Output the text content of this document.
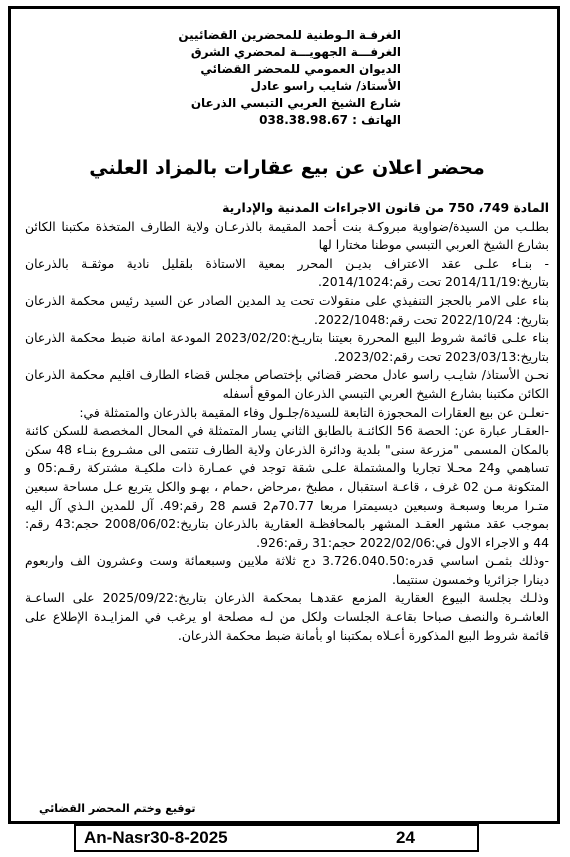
الغرفـة الـوطنية للمحضرين القضائيين
الغرفـــة الجهويـــة لمحضري الشرق
الديوان العمومي للمحضر القضائي
الأستاذ/ شايب راسو عادل
شارع الشيخ العربي التبسي الذرعان
الهاتف : 038.38.98.67
محضر اعلان عن بيع عقارات بالمزاد العلني

المادة 749، 750 من قانون الاجراءات المدنية والإدارية

بطلـب من السيدة/ضواوية مبروكـة بنت أحمد المقيمة بالذرعـان ولاية الطارف المتخذة مكتبنا الكائن بشارع الشيخ العربي التبسي موطنا مختارا لها

- بنـاء علـى عقد الاعتراف بديـن المحرر بمعية الاستاذة بلقليل نادية موثقـة بالذرعان بتاريخ:2014/11/19 تحت رقم:2014/1024.

بناء على الامر بالحجز التنفيذي على منقولات تحت يد المدين الصادر عن السيد رئيس محكمة الذرعان بتاريخ: 2022/10/24 تحت رقم:2022/1048.

بناء علـى قائمة شروط البيع المحررة بعيتنا بتاريـخ:2023/02/20 المودعة امانة ضبط محكمة الذرعان بتاريخ:2023/03/13 تحت رقم:2023/02.

نحـن الأستاذ/ شايـب راسو عادل محضر قضائي بإختصاص مجلس قضاء الطارف اقليم محكمة الذرعان الكائن مكتبنا بشارع الشيخ العربي التبسي الذرعان الموقع أسفله

-نعلـن عن بيع العقارات المحجوزة التابعة للسيدة/جلـول وفاء المقيمة بالذرعان والمتمثلة في:

-العقـار عبارة عن: الحصة 56 الكائنـة بالطابق الثاني يسار المتمثلة في المحال المخصصة للسكن كائنة بالمكان المسمى "مزرعة سنى" بلدية ودائرة الذرعان ولاية الطارف تنتمى الى مشـروع بنـاء 48 سكن تساهمي و24 محـلا تجاريا والمشتملة علـى شقة توجد في عمـارة ذات ملكيـة مشتركة رقـم:05 و المتكونة مـن 02 غرف ، قاعـة استقبال ، مطبخ ،مرحاض ،حمام ، بهـو والكل يتربع عـل مساحة سبعين متـرا مربعا وسبعـة وسبعين ديسيمترا مربعا 70.77م2 قسم 28 رقم:49. آل للمدين الـذي آل اليه بموجب عقد مشهر العقـد المشهر بالمحافظـة العقارية بالذرعان بتاريخ:2008/06/02 حجم:43 رقم: 44 و الاجراء الاول في:2022/02/06 حجم:31 رقم:926.

-وذلك بثمـن اساسي قدره:3.726.040.50 دج ثلاثة ملايين وسبعمائة وست وعشرون الف واربعوم دينارا جزائريا وخمسون سنتيما.

وذلـك بجلسة البيوع العقارية المزمع عقدهـا بمحكمة الذرعان بتاريخ:2025/09/22 على الساعـة العاشـرة والنصف صباحا بقاعـة الجلسات ولكل من لـه مصلحة او يرغب في المزايـدة الإطلاع على قائمة شروط البيع المذكورة أعـلاه بمكتبنا او بأمانة ضبط محكمة الذرعان.

توقيع وختم المحضر القضائي
An-Nasr30-8-2025	24
